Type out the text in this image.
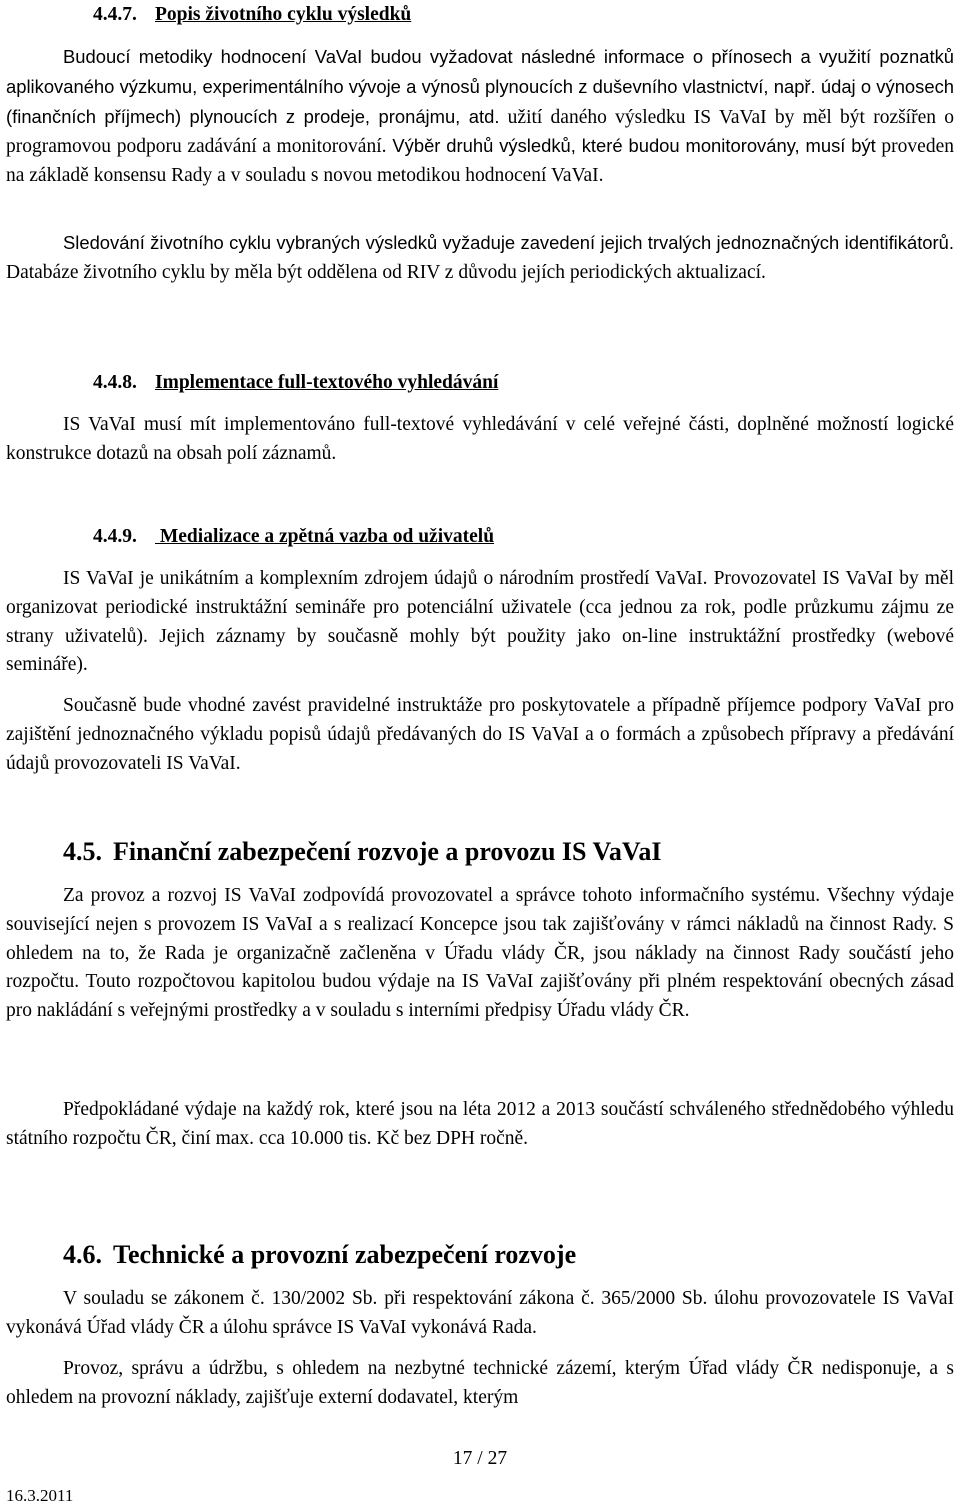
4.4.7. Popis životního cyklu výsledků

Budoucí metodiky hodnocení VaVaI budou vyžadovat následné informace o přínosech a využití poznatků aplikovaného výzkumu, experimentálního vývoje a výnosů plynoucích z duševního vlastnictví, např. údaj o výnosech (finančních příjmech) plynoucích z prodeje, pronájmu, atd. užití daného výsledku IS VaVaI by měl být rozšířen o programovou podporu zadávání a monitorování. Výběr druhů výsledků, které budou monitorovány, musí být proveden na základě konsensu Rady a v souladu s novou metodikou hodnocení VaVaI.

Sledování životního cyklu vybraných výsledků vyžaduje zavedení jejich trvalých jednoznačných identifikátorů. Databáze životního cyklu by měla být oddělena od RIV z důvodu jejích periodických aktualizací.

4.4.8. Implementace full-textového vyhledávání

IS VaVaI musí mít implementováno full-textové vyhledávání v celé veřejné části, doplněné možností logické konstrukce dotazů na obsah polí záznamů.

4.4.9. Medializace a zpětná vazba od uživatelů

IS VaVaI je unikátním a komplexním zdrojem údajů o národním prostředí VaVaI. Provozovatel IS VaVaI by měl organizovat periodické instruktážní semináře pro potenciální uživatele (cca jednou za rok, podle průzkumu zájmu ze strany uživatelů). Jejich záznamy by současně mohly být použity jako on-line instruktážní prostředky (webové semináře).

Současně bude vhodné zavést pravidelné instruktáže pro poskytovatele a případně příjemce podpory VaVaI pro zajištění jednoznačného výkladu popisů údajů předávaných do IS VaVaI a o formách a způsobech přípravy a předávání údajů provozovateli IS VaVaI.

4.5. Finanční zabezpečení rozvoje a provozu IS VaVaI

Za provoz a rozvoj IS VaVaI zodpovídá provozovatel a správce tohoto informačního systému. Všechny výdaje související nejen s provozem IS VaVaI a s realizací Koncepce jsou tak zajišťovány v rámci nákladů na činnost Rady. S ohledem na to, že Rada je organizačně začleněna v Úřadu vlády ČR, jsou náklady na činnost Rady součástí jeho rozpočtu. Touto rozpočtovou kapitolou budou výdaje na IS VaVaI zajišťovány při plném respektování obecných zásad pro nakládání s veřejnými prostředky a v souladu s interními předpisy Úřadu vlády ČR.

Předpokládané výdaje na každý rok, které jsou na léta 2012 a 2013 součástí schváleného střednědobého výhledu státního rozpočtu ČR, činí max. cca 10.000 tis. Kč bez DPH ročně.

4.6. Technické a provozní zabezpečení rozvoje

V souladu se zákonem č. 130/2002 Sb. při respektování zákona č. 365/2000 Sb. úlohu provozovatele IS VaVaI vykonává Úřad vlády ČR a úlohu správce IS VaVaI vykonává Rada.

Provoz, správu a údržbu, s ohledem na nezbytné technické zázemí, kterým Úřad vlády ČR nedisponuje, a s ohledem na provozní náklady, zajišťuje externí dodavatel, kterým

17 / 27
16.3.2011
